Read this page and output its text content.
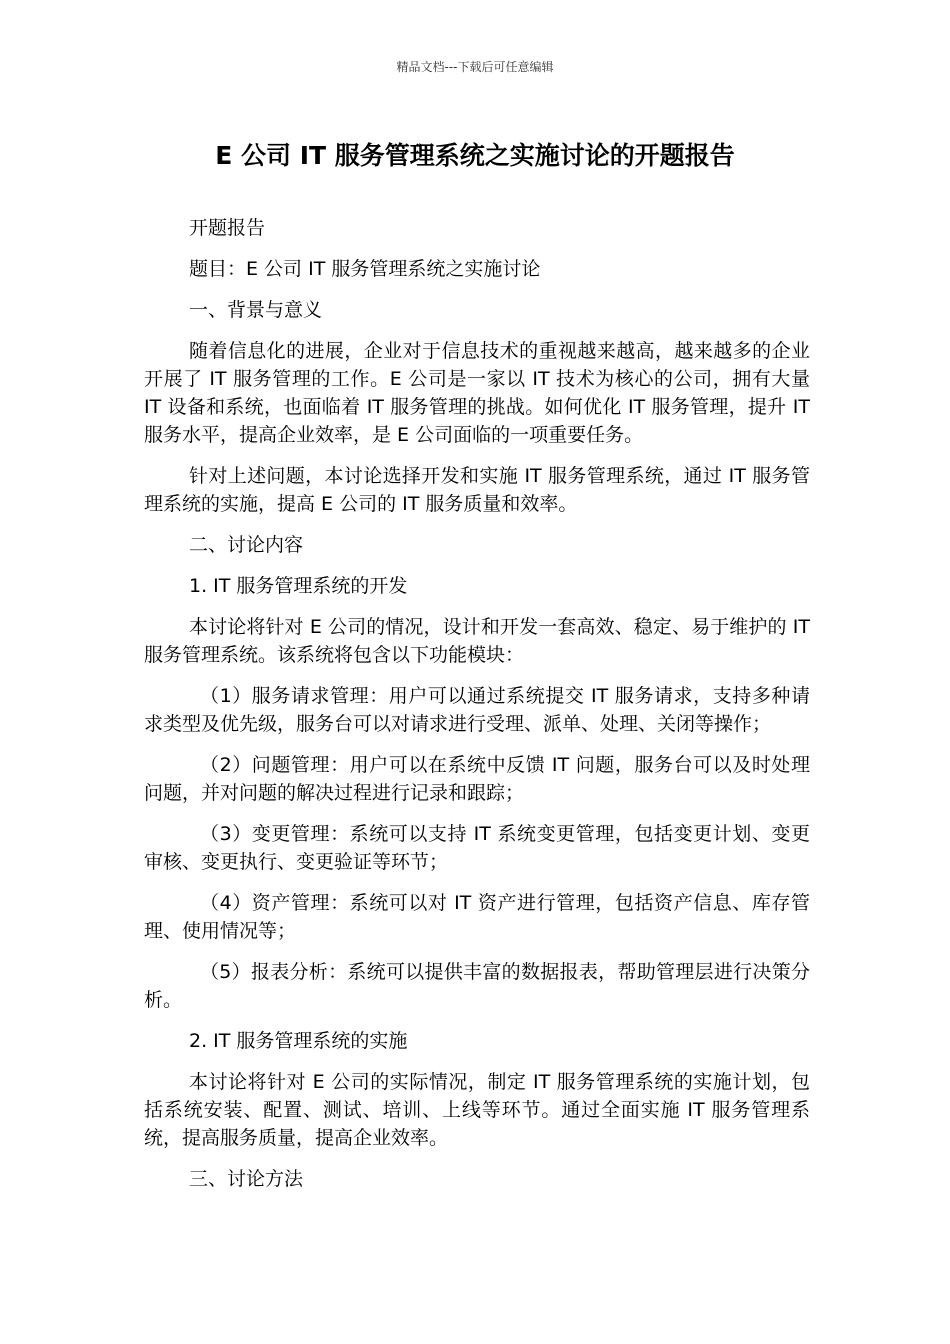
精品文档---下载后可任意编辑
E 公司 IT 服务管理系统之实施讨论的开题报告

开题报告

题目：E 公司 IT 服务管理系统之实施讨论

一、背景与意义

随着信息化的进展，企业对于信息技术的重视越来越高，越来越多的企业开展了 IT 服务管理的工作。E 公司是一家以 IT 技术为核心的公司，拥有大量 IT 设备和系统，也面临着 IT 服务管理的挑战。如何优化 IT 服务管理，提升 IT 服务水平，提高企业效率，是 E 公司面临的一项重要任务。

针对上述问题，本讨论选择开发和实施 IT 服务管理系统，通过 IT 服务管理系统的实施，提高 E 公司的 IT 服务质量和效率。

二、讨论内容

1. IT 服务管理系统的开发

本讨论将针对 E 公司的情况，设计和开发一套高效、稳定、易于维护的 IT 服务管理系统。该系统将包含以下功能模块：

（1）服务请求管理：用户可以通过系统提交 IT 服务请求，支持多种请求类型及优先级，服务台可以对请求进行受理、派单、处理、关闭等操作；

（2）问题管理：用户可以在系统中反馈 IT 问题，服务台可以及时处理问题，并对问题的解决过程进行记录和跟踪；

（3）变更管理：系统可以支持 IT 系统变更管理，包括变更计划、变更审核、变更执行、变更验证等环节；

（4）资产管理：系统可以对 IT 资产进行管理，包括资产信息、库存管理、使用情况等；

（5）报表分析：系统可以提供丰富的数据报表，帮助管理层进行决策分析。

2. IT 服务管理系统的实施

本讨论将针对 E 公司的实际情况，制定 IT 服务管理系统的实施计划，包括系统安装、配置、测试、培训、上线等环节。通过全面实施 IT 服务管理系统，提高服务质量，提高企业效率。

三、讨论方法
